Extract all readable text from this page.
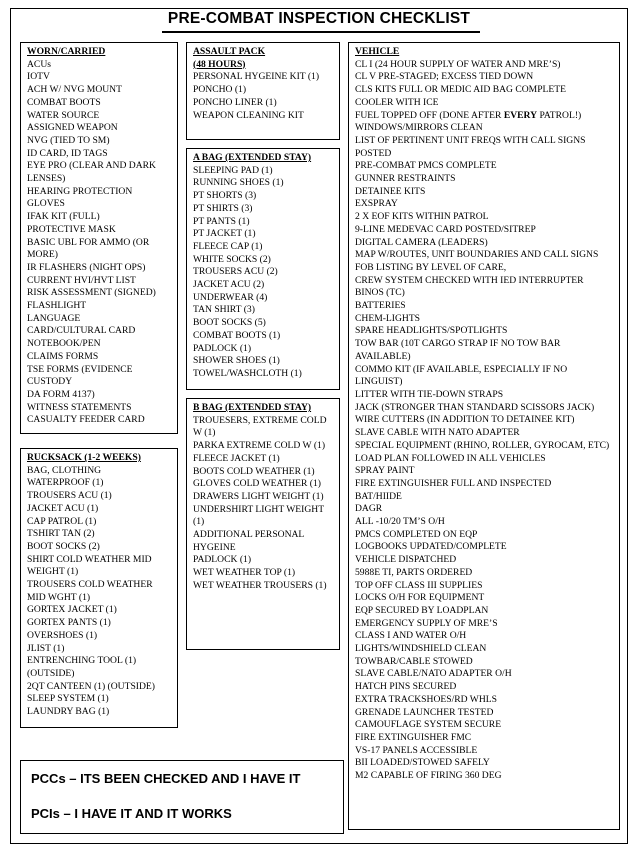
PRE-COMBAT INSPECTION CHECKLIST
WORN/CARRIED
ACUs
IOTV
ACH W/ NVG MOUNT
COMBAT BOOTS
WATER SOURCE
ASSIGNED WEAPON
NVG (TIED TO SM)
ID CARD, ID TAGS
EYE PRO (CLEAR AND DARK LENSES)
HEARING PROTECTION
GLOVES
IFAK KIT (FULL)
PROTECTIVE MASK
BASIC UBL FOR AMMO (OR MORE)
IR FLASHERS (NIGHT OPS)
CURRENT HVI/HVT LIST
RISK ASSESSMENT (SIGNED)
FLASHLIGHT
LANGUAGE
CARD/CULTURAL CARD
NOTEBOOK/PEN
CLAIMS FORMS
TSE FORMS (EVIDENCE CUSTODY
DA FORM 4137)
WITNESS STATEMENTS
CASUALTY FEEDER CARD
RUCKSACK (1-2 WEEKS)
BAG, CLOTHING
WATERPROOF (1)
TROUSERS ACU (1)
JACKET ACU (1)
CAP PATROL (1)
TSHIRT TAN (2)
BOOT SOCKS (2)
SHIRT COLD WEATHER MID WEIGHT (1)
TROUSERS COLD WEATHER MID WGHT (1)
GORTEX JACKET (1)
GORTEX PANTS (1)
OVERSHOES (1)
JLIST (1)
ENTRENCHING TOOL (1) (OUTSIDE)
2QT CANTEEN (1) (OUTSIDE)
SLEEP SYSTEM (1)
LAUNDRY BAG (1)
ASSAULT PACK
(48 HOURS)
PERSONAL HYGEINE KIT (1)
PONCHO (1)
PONCHO LINER (1)
WEAPON CLEANING KIT
A BAG (EXTENDED STAY)
SLEEPING PAD (1)
RUNNING SHOES (1)
PT SHORTS (3)
PT SHIRTS (3)
PT PANTS (1)
PT JACKET (1)
FLEECE CAP (1)
WHITE SOCKS (2)
TROUSERS ACU (2)
JACKET ACU (2)
UNDERWEAR (4)
TAN SHIRT (3)
BOOT SOCKS (5)
COMBAT BOOTS (1)
PADLOCK (1)
SHOWER SHOES (1)
TOWEL/WASHCLOTH (1)
B BAG (EXTENDED STAY)
TROUESERS, EXTREME COLD W (1)
PARKA EXTREME COLD W (1)
FLEECE JACKET (1)
BOOTS COLD WEATHER (1)
GLOVES COLD WEATHER (1)
DRAWERS LIGHT WEIGHT (1)
UNDERSHIRT LIGHT WEIGHT (1)
ADDITIONAL PERSONAL HYGEINE
PADLOCK (1)
WET WEATHER TOP (1)
WET WEATHER TROUSERS (1)
VEHICLE
CL I (24 HOUR SUPPLY OF WATER AND MRE’S)
CL V PRE-STAGED; EXCESS TIED DOWN
CLS KITS FULL OR MEDIC AID BAG COMPLETE
COOLER WITH ICE
FUEL TOPPED OFF (DONE AFTER EVERY PATROL!)
WINDOWS/MIRRORS CLEAN
LIST OF PERTINENT UNIT FREQS WITH CALL SIGNS POSTED
PRE-COMBAT PMCS COMPLETE
GUNNER RESTRAINTS
DETAINEE KITS
EXSPRAY
2 X EOF KITS WITHIN PATROL
9-LINE MEDEVAC CARD POSTED/SITREP
DIGITAL CAMERA (LEADERS)
MAP W/ROUTES, UNIT BOUNDARIES AND CALL SIGNS
FOB LISTING BY LEVEL OF CARE,
CREW SYSTEM CHECKED WITH IED INTERRUPTER
BINOS (TC)
BATTERIES
CHEM-LIGHTS
SPARE HEADLIGHTS/SPOTLIGHTS
TOW BAR (10T CARGO STRAP IF NO TOW BAR AVAILABLE)
COMMO KIT (IF AVAILABLE, ESPECIALLY IF NO LINGUIST)
LITTER WITH TIE-DOWN STRAPS
JACK (STRONGER THAN STANDARD SCISSORS JACK)
WIRE CUTTERS (IN ADDITION TO DETAINEE KIT)
SLAVE CABLE WITH NATO ADAPTER
SPECIAL EQUIPMENT (RHINO, ROLLER, GYROCAM, ETC)
LOAD PLAN FOLLOWED IN ALL VEHICLES
SPRAY PAINT
FIRE EXTINGUISHER FULL AND INSPECTED
BAT/HIIDE
DAGR
ALL -10/20 TM’S O/H
PMCS COMPLETED ON EQP
LOGBOOKS UPDATED/COMPLETE
VEHICLE DISPATCHED
5988E TI, PARTS ORDERED
TOP OFF CLASS III SUPPLIES
LOCKS O/H FOR EQUIPMENT
EQP SECURED BY LOADPLAN
EMERGENCY SUPPLY OF MRE’S
CLASS I AND WATER O/H
LIGHTS/WINDSHIELD CLEAN
TOWBAR/CABLE STOWED
SLAVE CABLE/NATO ADAPTER O/H
HATCH PINS SECURED
EXTRA TRACKSHOES/RD WHLS
GRENADE LAUNCHER TESTED
CAMOUFLAGE SYSTEM SECURE
FIRE EXTINGUISHER FMC
VS-17 PANELS ACCESSIBLE
BII LOADED/STOWED SAFELY
M2 CAPABLE OF FIRING 360 DEG
PCCs – ITS BEEN CHECKED AND I HAVE IT
PCIs – I HAVE IT AND IT WORKS
